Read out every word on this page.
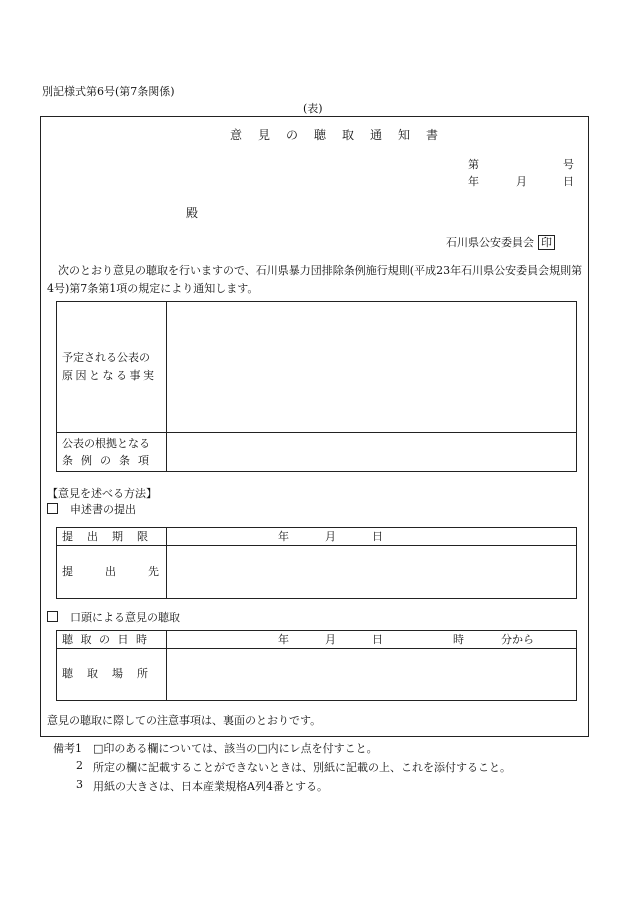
別記様式第6号(第7条関係)
(表)
意見の聴取通知書
第	号
年	月	日
殿
石川県公安委員会 印
次のとおり意見の聴取を行いますので、石川県暴力団排除条例施行規則(平成23年石川県公安委員会規則第4号)第7条第1項の規定により通知します。
予定される公表の
原因となる事実
公表の根拠となる
条例の条項
【意見を述べる方法】
申述書の提出
提出期限	年	月	日
提出先
口頭による意見の聴取
聴取の日時	年	月	日	時	分から
聴取場所
意見の聴取に際しての注意事項は、裏面のとおりです。
備考1 □印のある欄については、該当の□内にレ点を付すこと。
2 所定の欄に記載することができないときは、別紙に記載の上、これを添付すること。
3 用紙の大きさは、日本産業規格A列4番とする。
